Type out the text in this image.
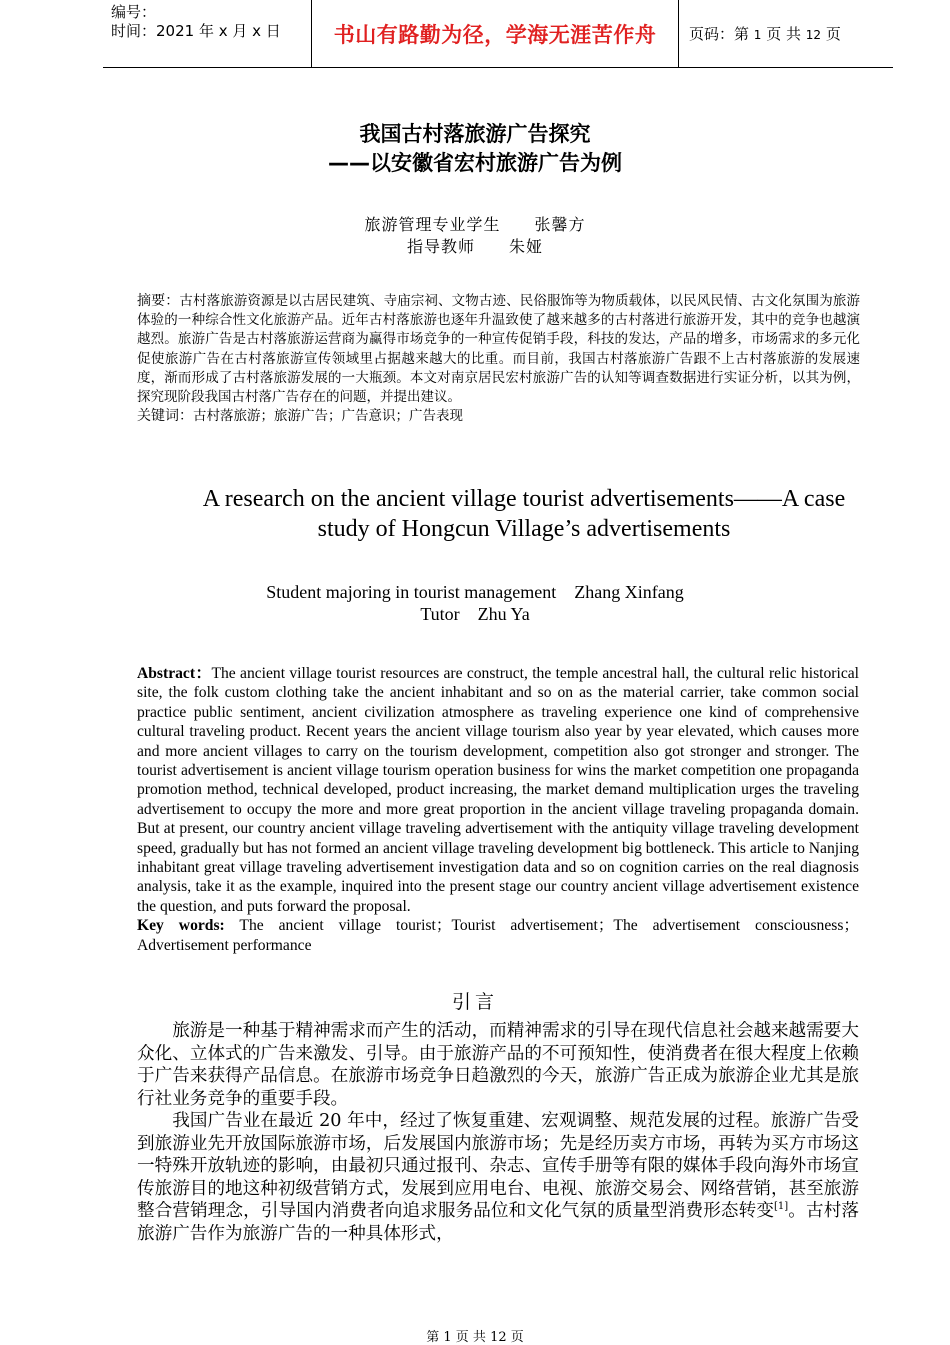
编号：
时间：2021 年 x 月 x 日	书山有路勤为径，学海无涯苦作舟	页码：第 1 页 共 12 页
我国古村落旅游广告探究
——以安徽省宏村旅游广告为例
旅游管理专业学生　　张馨方
指导教师　　朱娅
摘要：古村落旅游资源是以古居民建筑、寺庙宗祠、文物古迹、民俗服饰等为物质载体，以民风民情、古文化氛围为旅游体验的一种综合性文化旅游产品。近年古村落旅游也逐年升温致使了越来越多的古村落进行旅游开发，其中的竞争也越演越烈。旅游广告是古村落旅游运营商为赢得市场竞争的一种宣传促销手段，科技的发达，产品的增多，市场需求的多元化促使旅游广告在古村落旅游宣传领域里占据越来越大的比重。而目前，我国古村落旅游广告跟不上古村落旅游的发展速度，渐而形成了古村落旅游发展的一大瓶颈。本文对南京居民宏村旅游广告的认知等调查数据进行实证分析，以其为例，探究现阶段我国古村落广告存在的问题，并提出建议。
关键词：古村落旅游；旅游广告；广告意识；广告表现
A research on the ancient village tourist advertisements——A case study of Hongcun Village’s advertisements
Student majoring in tourist management　Zhang Xinfang
Tutor　Zhu Ya
Abstract：The ancient village tourist resources are construct, the temple ancestral hall, the cultural relic historical site, the folk custom clothing take the ancient inhabitant and so on as the material carrier, take common social practice public sentiment, ancient civilization atmosphere as traveling experience one kind of comprehensive cultural traveling product. Recent years the ancient village tourism also year by year elevated, which causes more and more ancient villages to carry on the tourism development, competition also got stronger and stronger. The tourist advertisement is ancient village tourism operation business for wins the market competition one propaganda promotion method, technical developed, product increasing, the market demand multiplication urges the traveling advertisement to occupy the more and more great proportion in the ancient village traveling propaganda domain. But at present, our country ancient village traveling advertisement with the antiquity village traveling development speed, gradually but has not formed an ancient village traveling development big bottleneck. This article to Nanjing inhabitant great village traveling advertisement investigation data and so on cognition carries on the real diagnosis analysis, take it as the example, inquired into the present stage our country ancient village advertisement existence the question, and puts forward the proposal.
Key words: The ancient village tourist；Tourist advertisement；The advertisement consciousness；Advertisement performance
引言

旅游是一种基于精神需求而产生的活动，而精神需求的引导在现代信息社会越来越需要大众化、立体式的广告来激发、引导。由于旅游产品的不可预知性，使消费者在很大程度上依赖于广告来获得产品信息。在旅游市场竞争日趋激烈的今天，旅游广告正成为旅游企业尤其是旅行社业务竞争的重要手段。

我国广告业在最近 20 年中，经过了恢复重建、宏观调整、规范发展的过程。旅游广告受到旅游业先开放国际旅游市场，后发展国内旅游市场；先是经历卖方市场，再转为买方市场这一特殊开放轨迹的影响，由最初只通过报刊、杂志、宣传手册等有限的媒体手段向海外市场宣传旅游目的地这种初级营销方式，发展到应用电台、电视、旅游交易会、网络营销，甚至旅游整合营销理念，引导国内消费者向追求服务品位和文化气氛的质量型消费形态转变[1]。古村落旅游广告作为旅游广告的一种具体形式，

第 1 页 共 12 页
